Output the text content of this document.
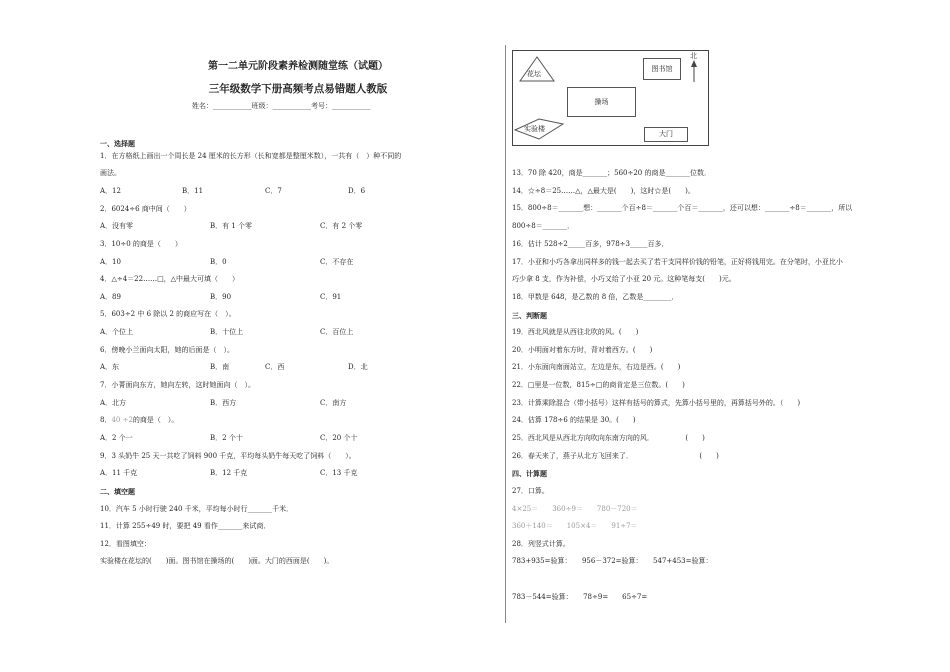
第一二单元阶段素养检测随堂练（试题）
三年级数学下册高频考点易错题人教版
姓名：___________班级：___________考号：___________
一、选择题
1．在方格纸上画出一个周长是 24 厘米的长方形（长和宽都是整厘米数），一共有（　）种不同的
画法。
A．12	B．11	C．7	D．6
2．6024÷6 商中间（　　）
A．没有零	B．有 1 个零	C．有 2 个零
3．10÷0 的商是（　　）
A．10	B．0	C．不存在
4．△÷4＝22……□，△中最大可填（　　）
A．89	B．90	C．91
5．603÷2 中 6 除以 2 的商应写在（　）。
A．个位上	B．十位上	C．百位上
6．傍晚小兰面向太阳，她的后面是（　）。
A．东	B．南	C．西	D．北
7．小菁面向东方，她向左转，这时她面向（　）。
A．北方	B．西方	C．南方
8．40 ÷2的商是（　）。
A．2 个一	B．2 个十	C．20 个十
9．3 头奶牛 25 天一共吃了饲料 900 千克，平均每头奶牛每天吃了饲料（　　）。
A．11 千克	B．12 千克	C．13 千克
二、填空题
10．汽车 5 小时行驶 240 千米，平均每小时行_______千米．
11．计算 255÷49 时，要把 49 看作_______来试商．
12．看图填空：
实验楼在花坛的(　　)面。图书馆在操场的(　　)面。大门的西面是(　　)。
花坛
图书馆
北
操场
实验楼
大门
13．70 除 420，商是_______；560÷20 的商是_______位数．
14．☆÷8＝25……△，△最大是(　　)，这时☆是(　　)。
15．800÷8＝_______想：_______个百÷8＝_______个百＝_______，还可以想：_______÷8＝_______，所以
800÷8＝_______．
16．估计 528÷2_____百多，978÷3_____百多．
17．小亚和小巧各拿出同样多的钱一起去买了若干支同样价钱的铅笔，正好将钱用完。在分笔时，小亚比小
巧少拿 8 支，作为补偿，小巧又给了小亚 20 元。这种笔每支(　　)元。
18．甲数是 648，是乙数的 8 倍，乙数是________．
三、判断题
19．西北风就是从西往北吹的风。(　　)
20．小明面对着东方时，背对着西方。(　　)
21．小东面向南面站立，左边是东，右边是西。(　　)
22．□里是一位数，815÷□的商肯定是三位数。(　　)
23．计算乘除混合（带小括号）这样有括号的算式，先算小括号里的，再算括号外的。（　　)
24．估算 178÷6 的结果是 30。(　　)
25．西北风是从西北方向吹向东南方向的风．　　　　　(　　)
26．春天来了，燕子从北方飞回来了．　　　　　　　　　　(　　)
四、计算题
27．口算。
4×25＝　　360÷9＝　　780－720＝
360＋140＝　　105×4＝　　91÷7＝
28．列竖式计算。
783+935=验算：　　956－372=验算：　　547+453=验算：
783－544=验算：　　78÷9=　　65÷7=
